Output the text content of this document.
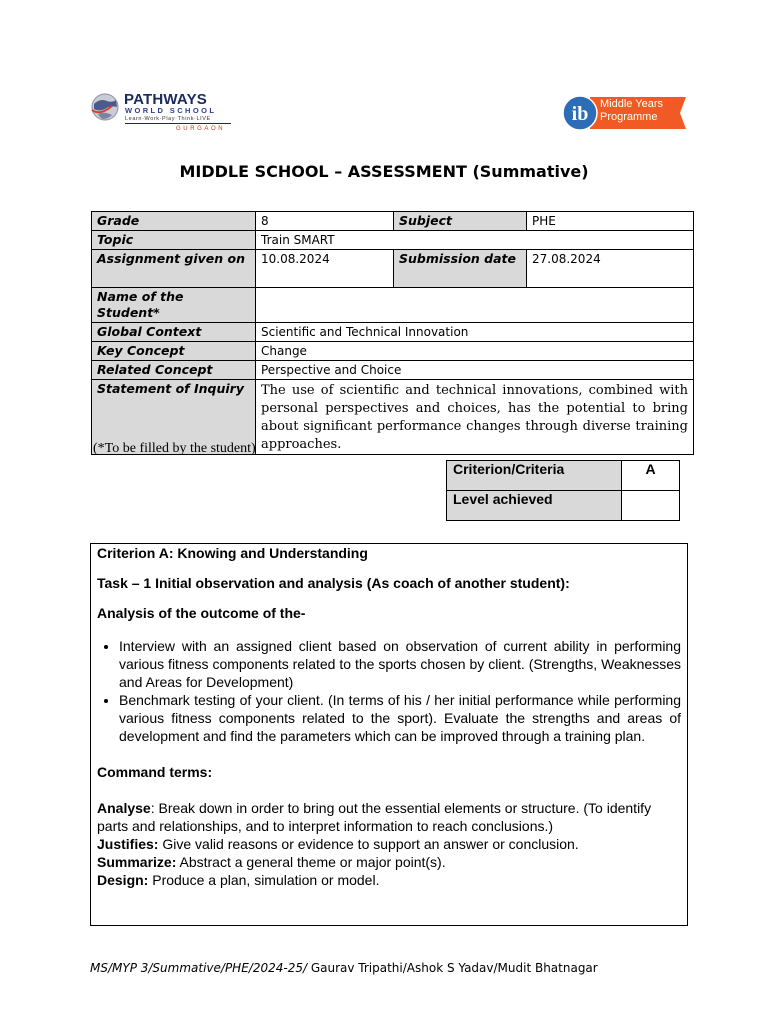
PATHWAYS
WORLD SCHOOL
Learn·Work·Play·Think·LIVE
GURGAON
ib Middle Years
Programme
MIDDLE SCHOOL – ASSESSMENT (Summative)
Grade	8	Subject	PHE
Topic	Train SMART		
Assignment given on	10.08.2024	Submission date	27.08.2024
Name of the Student*			
Global Context	Scientific and Technical Innovation		
Key Concept	Change		
Related Concept	Perspective and Choice		
Statement of Inquiry	The use of scientific and technical innovations, combined with personal perspectives and choices, has the potential to bring about significant performance changes through diverse training approaches.		
(*To be filled by the student)
Criterion/Criteria	A
Level achieved	

Criterion A: Knowing and Understanding

Task – 1 Initial observation and analysis (As coach of another student):

Analysis of the outcome of the-

• Interview with an assigned client based on observation of current ability in performing various fitness components related to the sports chosen by client. (Strengths, Weaknesses and Areas for Development)
• Benchmark testing of your client. (In terms of his / her initial performance while performing various fitness components related to the sport). Evaluate the strengths and areas of development and find the parameters which can be improved through a training plan.

Command terms:

Analyse: Break down in order to bring out the essential elements or structure. (To identify parts and relationships, and to interpret information to reach conclusions.)
Justifies: Give valid reasons or evidence to support an answer or conclusion.
Summarize: Abstract a general theme or major point(s).
Design: Produce a plan, simulation or model.
MS/MYP 3/Summative/PHE/2024-25/ Gaurav Tripathi/Ashok S Yadav/Mudit Bhatnagar
